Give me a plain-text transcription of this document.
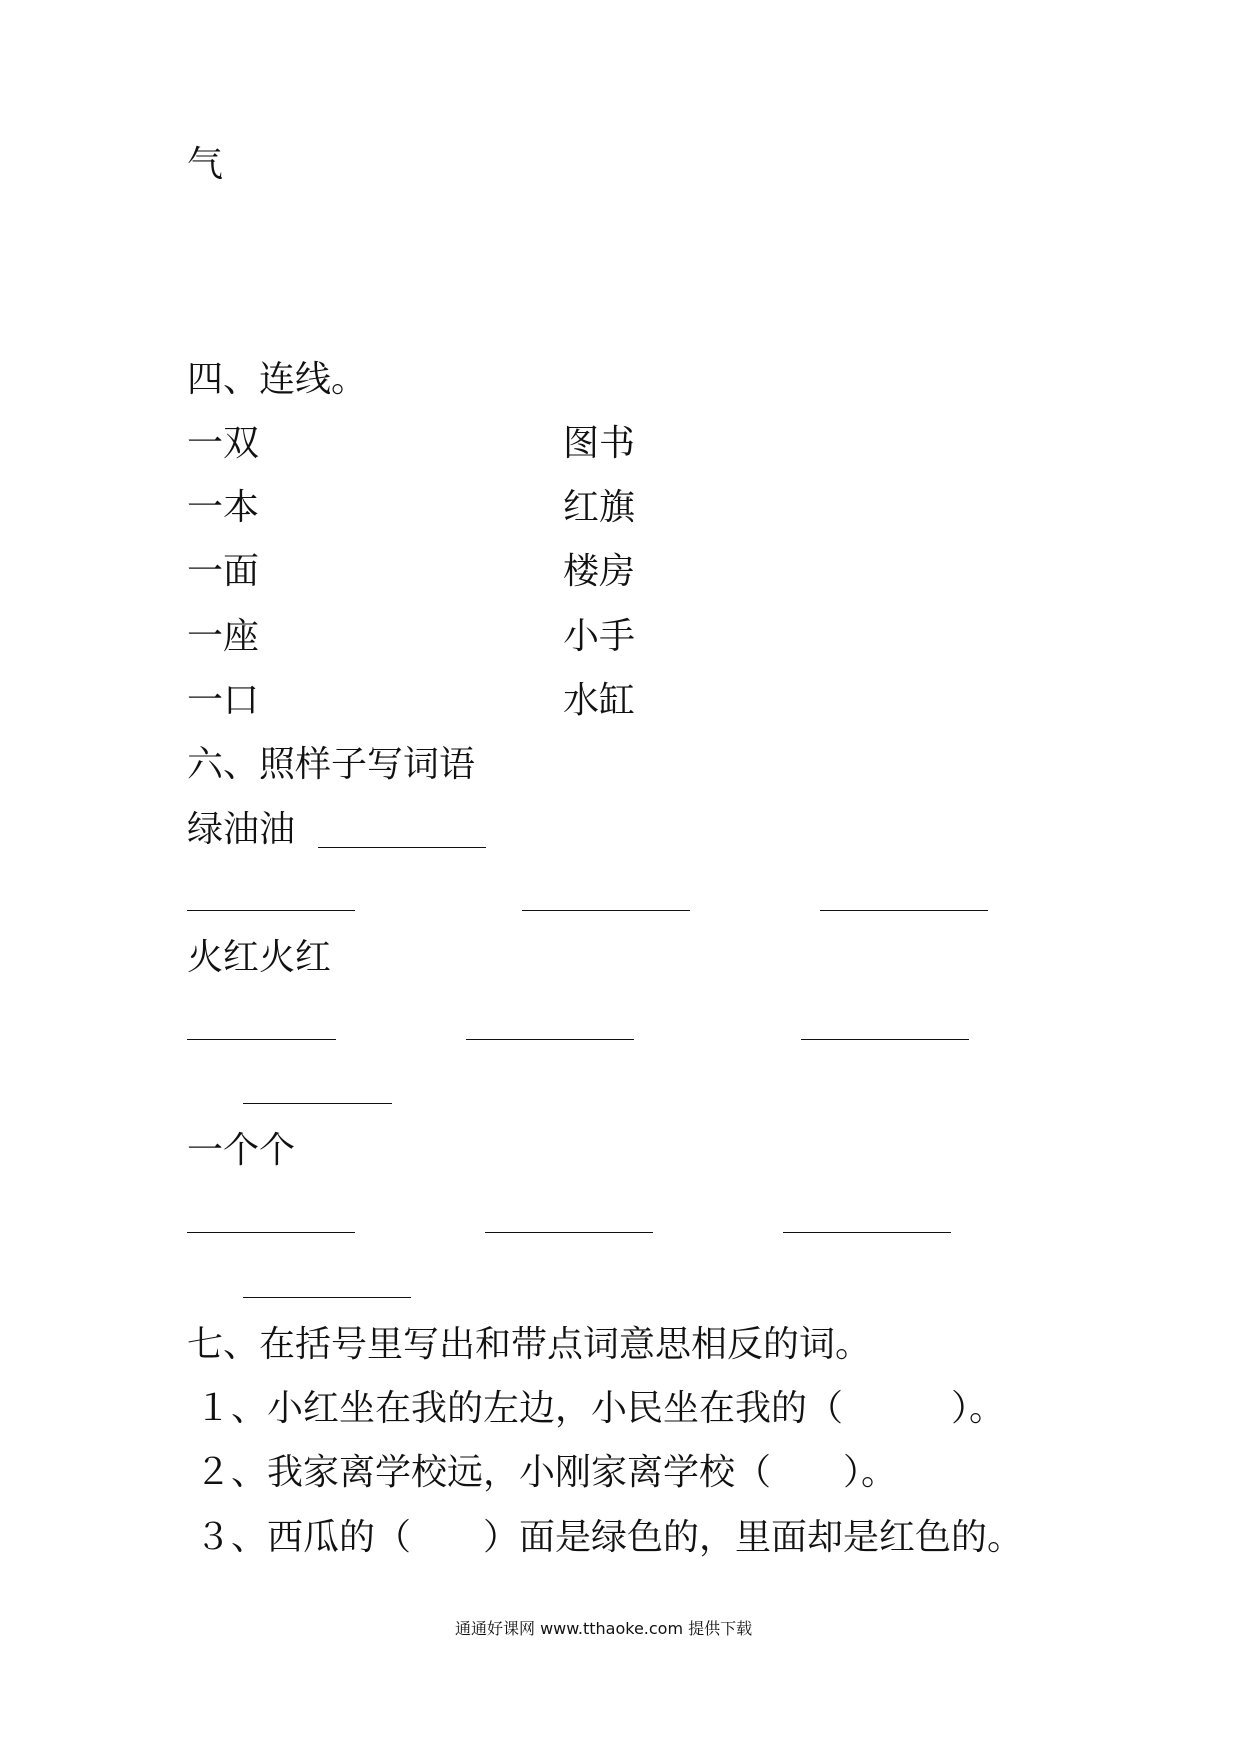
气
四、连线。
一双
一本
一面
一座
一口
图书
红旗
楼房
小手
水缸
六、照样子写词语
绿油油
火红火红
一个个
七、在括号里写出和带点词意思相反的词。
１、小红坐在我的左边，小民坐在我的（　　　）。
２、我家离学校远，小刚家离学校（　　）。
３、西瓜的（　　）面是绿色的，里面却是红色的。
通通好课网 www.tthaoke.com 提供下载
